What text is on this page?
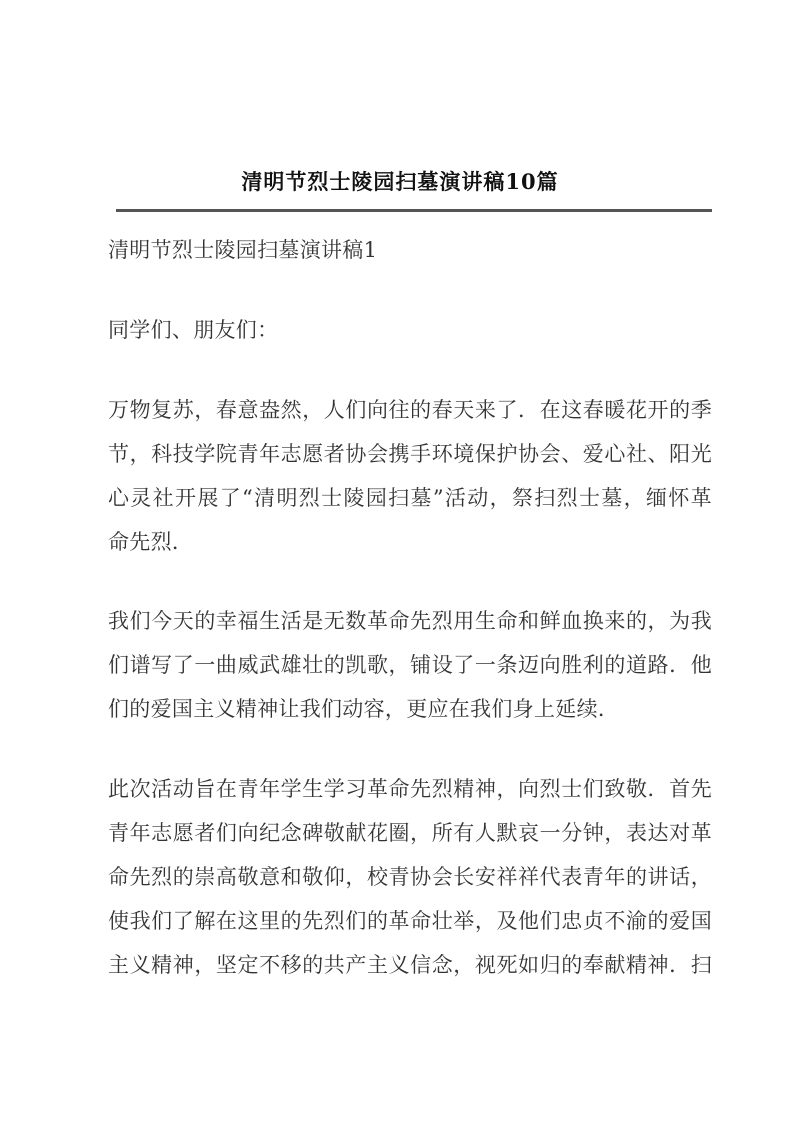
清明节烈士陵园扫墓演讲稿10篇
清明节烈士陵园扫墓演讲稿1
同学们、朋友们：
万物复苏，春意盎然，人们向往的春天来了．在这春暖花开的季
节，科技学院青年志愿者协会携手环境保护协会、爱心社、阳光
心灵社开展了“清明烈士陵园扫墓”活动，祭扫烈士墓，缅怀革
命先烈．
我们今天的幸福生活是无数革命先烈用生命和鲜血换来的，为我
们谱写了一曲威武雄壮的凯歌，铺设了一条迈向胜利的道路．他
们的爱国主义精神让我们动容，更应在我们身上延续．
此次活动旨在青年学生学习革命先烈精神，向烈士们致敬．首先
青年志愿者们向纪念碑敬献花圈，所有人默哀一分钟，表达对革
命先烈的崇高敬意和敬仰，校青协会长安祥祥代表青年的讲话，
使我们了解在这里的先烈们的革命壮举，及他们忠贞不渝的爱国
主义精神，坚定不移的共产主义信念，视死如归的奉献精神．扫
